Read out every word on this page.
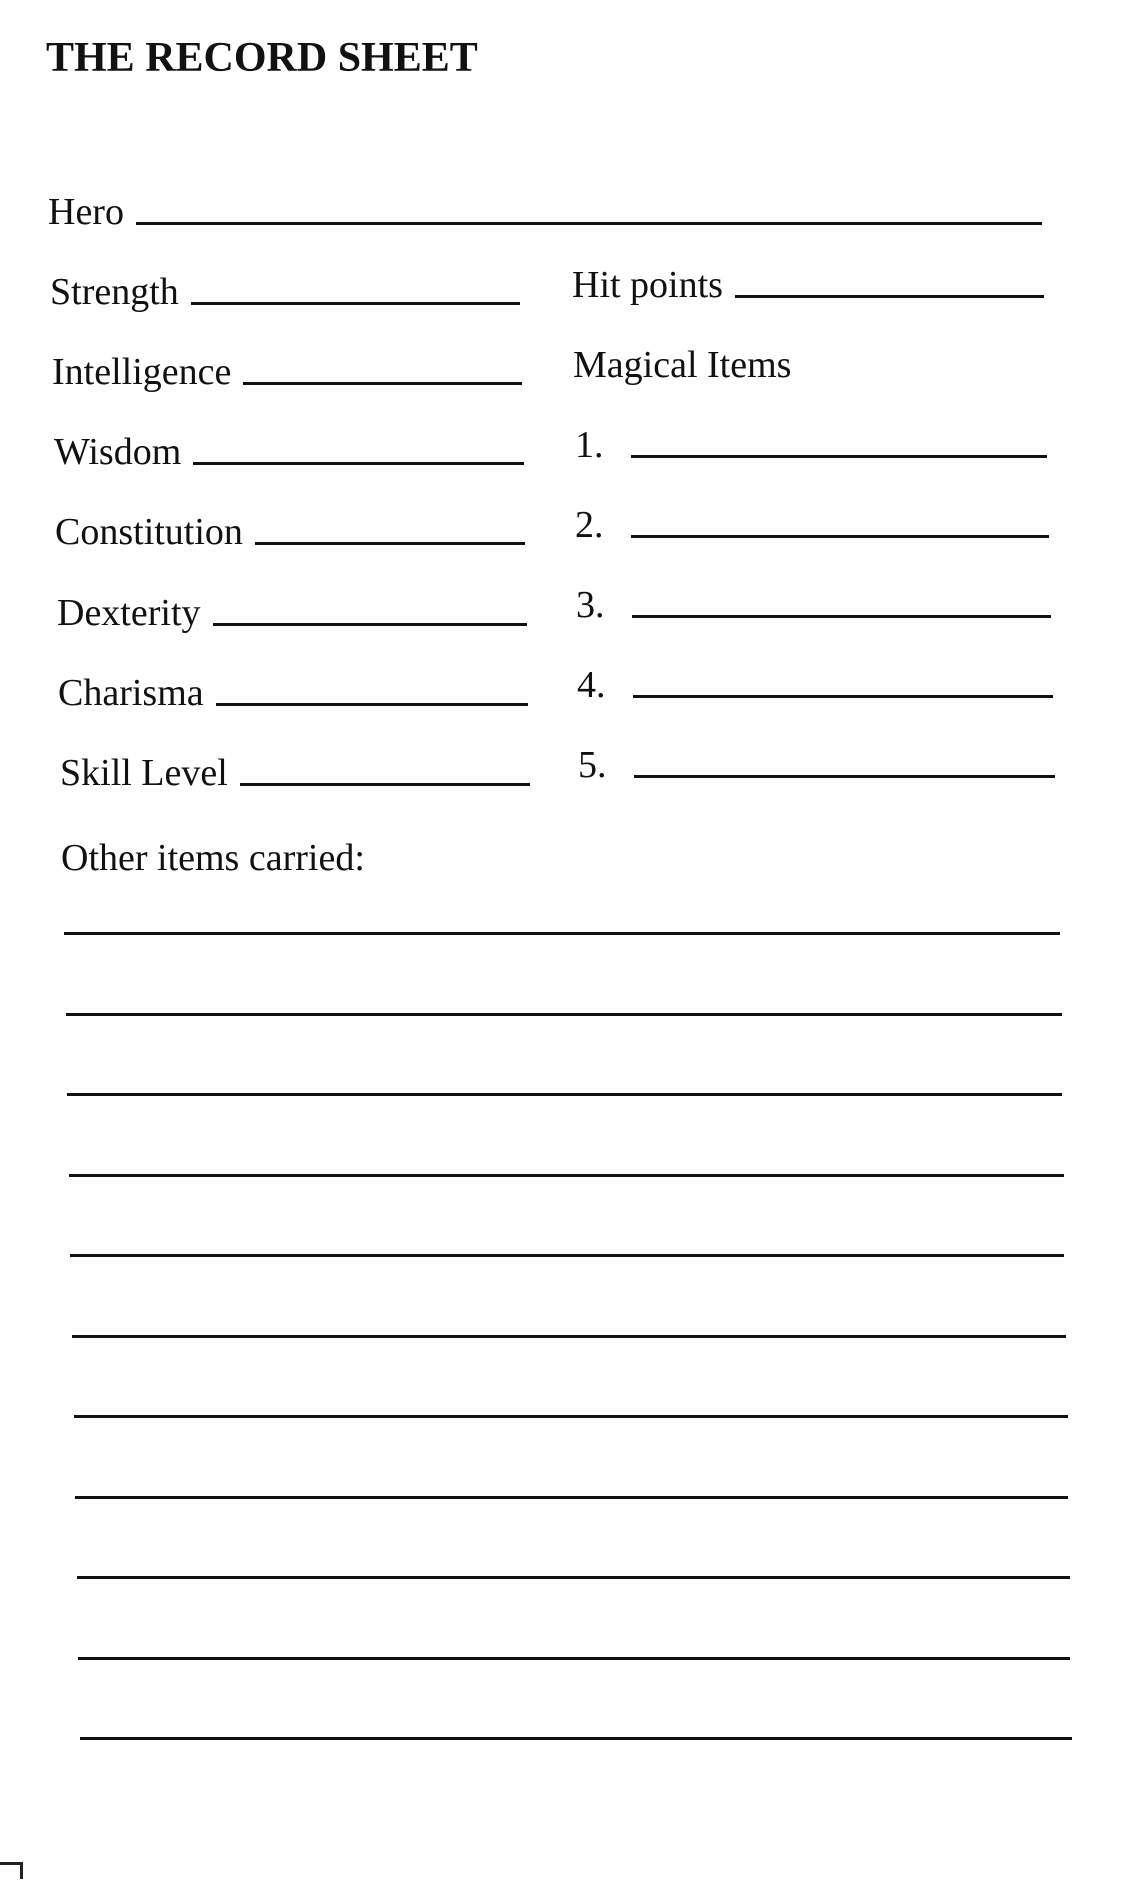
THE RECORD SHEET
Hero
Strength
Intelligence
Wisdom
Constitution
Dexterity
Charisma
Skill Level
Hit points
Magical Items
1.
2.
3.
4.
5.
Other items carried:
